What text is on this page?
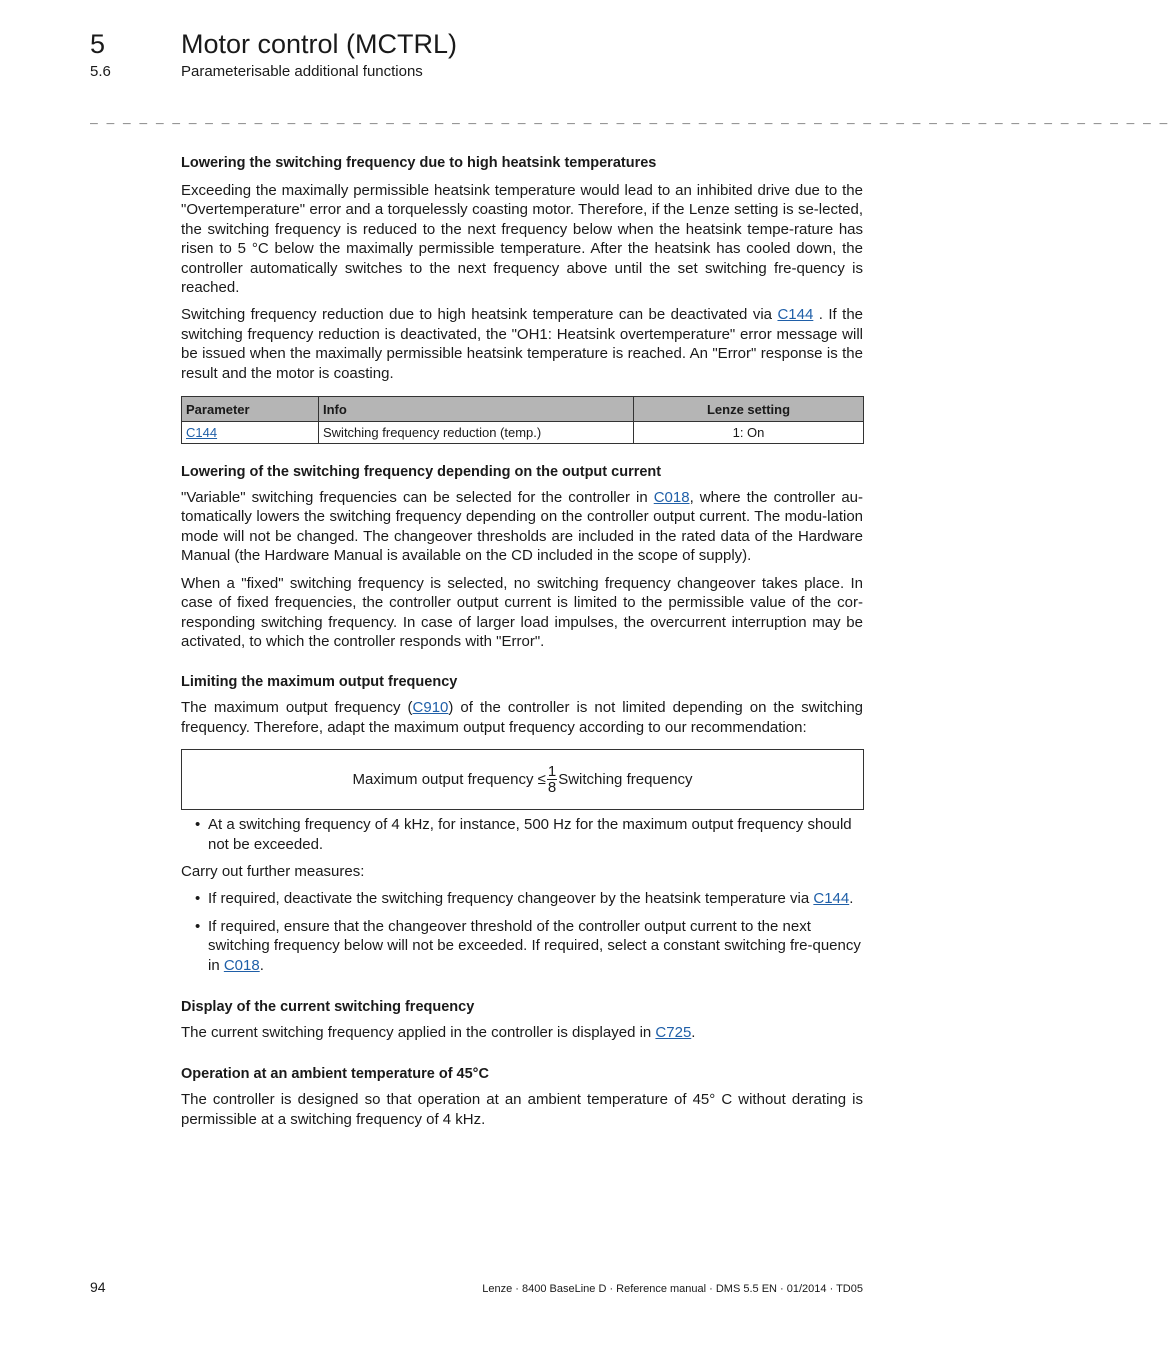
5	Motor control (MCTRL)
5.6	Parameterisable additional functions
_ _ _ _ _ _ _ _ _ _ _ _ _ _ _ _ _ _ _ _ _ _ _ _ _ _ _ _ _ _ _ _ _ _ _ _ _ _ _ _ _ _ _ _ _ _ _ _ _ _ _ _ _ _ _ _ _ _ _ _ _ _ _ _ _ _
Lowering the switching frequency due to high heatsink temperatures

Exceeding the maximally permissible heatsink temperature would lead to an inhibited drive due to the "Overtemperature" error and a torquelessly coasting motor. Therefore, if the Lenze setting is se-lected, the switching frequency is reduced to the next frequency below when the heatsink tempe-rature has risen to 5 °C below the maximally permissible temperature. After the heatsink has cooled down, the controller automatically switches to the next frequency above until the set switching fre-quency is reached.

Switching frequency reduction due to high heatsink temperature can be deactivated via C144 . If the switching frequency reduction is deactivated, the "OH1: Heatsink overtemperature" error message will be issued when the maximally permissible heatsink temperature is reached. An "Error" response is the result and the motor is coasting.

Parameter	Info	Lenze setting
C144	Switching frequency reduction (temp.)	1: On
Lowering of the switching frequency depending on the output current

"Variable" switching frequencies can be selected for the controller in C018, where the controller au-tomatically lowers the switching frequency depending on the controller output current. The modu-lation mode will not be changed. The changeover thresholds are included in the rated data of the Hardware Manual (the Hardware Manual is available on the CD included in the scope of supply).

When a "fixed" switching frequency is selected, no switching frequency changeover takes place. In case of fixed frequencies, the controller output current is limited to the permissible value of the cor-responding switching frequency. In case of larger load impulses, the overcurrent interruption may be activated, to which the controller responds with "Error".

Limiting the maximum output frequency

The maximum output frequency (C910) of the controller is not limited depending on the switching frequency. Therefore, adapt the maximum output frequency according to our recommendation:

Maximum output frequency ≤ $\frac{1}{8}$ Switching frequency
• At a switching frequency of 4 kHz, for instance, 500 Hz for the maximum output frequency should not be exceeded.

Carry out further measures:

• If required, deactivate the switching frequency changeover by the heatsink temperature via C144.
• If required, ensure that the changeover threshold of the controller output current to the next switching frequency below will not be exceeded. If required, select a constant switching fre-quency in C018.
Display of the current switching frequency

The current switching frequency applied in the controller is displayed in C725.

Operation at an ambient temperature of 45°C

The controller is designed so that operation at an ambient temperature of 45° C without derating is permissible at a switching frequency of 4 kHz.

94	Lenze · 8400 BaseLine D · Reference manual · DMS 5.5 EN · 01/2014 · TD05
